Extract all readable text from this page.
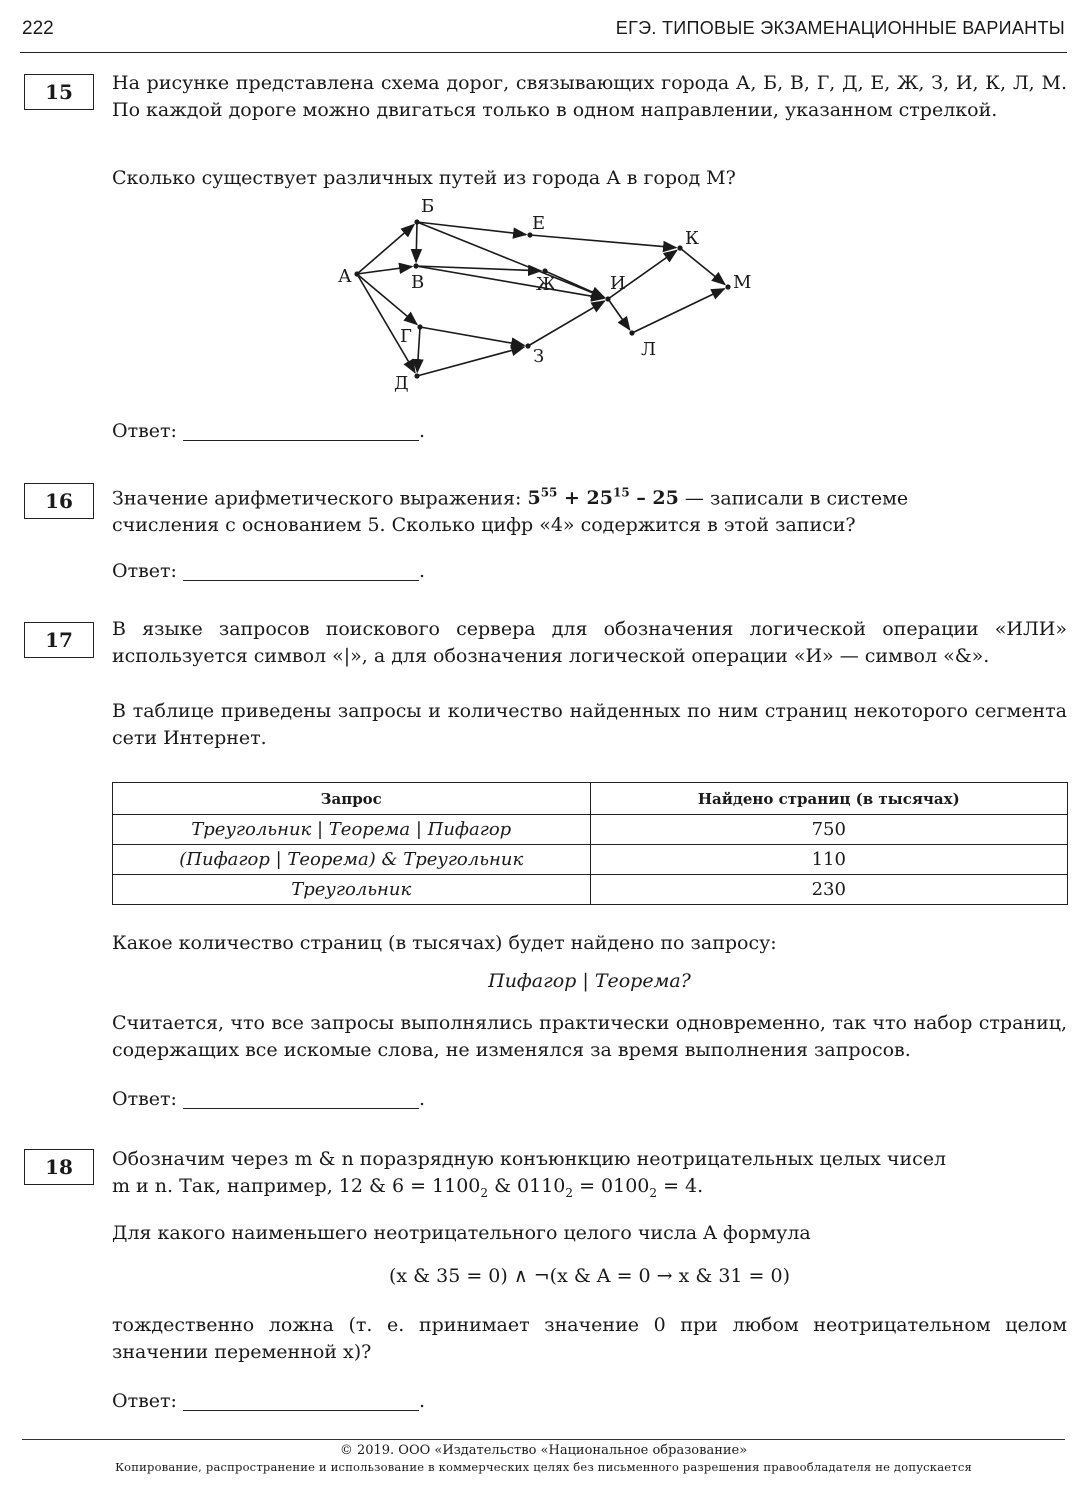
222	ЕГЭ. ТИПОВЫЕ ЭКЗАМЕНАЦИОННЫЕ ВАРИАНТЫ
15	На рисунке представлена схема дорог, связывающих города А, Б, В, Г, Д, Е, Ж, З, И, К, Л, М. По каждой дороге можно двигаться только в одном направлении, указанном стрелкой.
Сколько существует различных путей из города А в город М?
А
Б
В
Г
Д
Е
Ж
З
И
К
Л
М
Ответ:	.
16	Значение арифметического выражения: $5^{55} + 25^{15} - 25$ — записали в системе
счисления с основанием 5. Сколько цифр «4» содержится в этой записи?
Ответ:	.
17	В языке запросов поискового сервера для обозначения логической операции «ИЛИ» используется символ «|», а для обозначения логической операции «И» — символ «&».
В таблице приведены запросы и количество найденных по ним страниц некоторого сегмента сети Интернет.
Запрос	Найдено страниц (в тысячах)
Треугольник | Теорема | Пифагор	750
(Пифагор | Теорема) & Треугольник	110
Треугольник	230
Какое количество страниц (в тысячах) будет найдено по запросу:
Пифагор | Теорема?
Считается, что все запросы выполнялись практически одновременно, так что набор страниц, содержащих все искомые слова, не изменялся за время выполнения запросов.
Ответ:	.
18	Обозначим через m & n поразрядную конъюнкцию неотрицательных целых чисел
m и n. Так, например, 12 & $6 = 1100_2$ & $0110_2 = 0100_2 = 4$.
Для какого наименьшего неотрицательного целого числа A формула
(x & 35 = 0) ∧ ¬(x & A = 0 → x & 31 = 0)
тождественно ложна (т. е. принимает значение 0 при любом неотрицательном целом значении переменной x)?
Ответ:	.
© 2019. ООО «Издательство «Национальное образование»
Копирование, распространение и использование в коммерческих целях без письменного разрешения правообладателя не допускается
